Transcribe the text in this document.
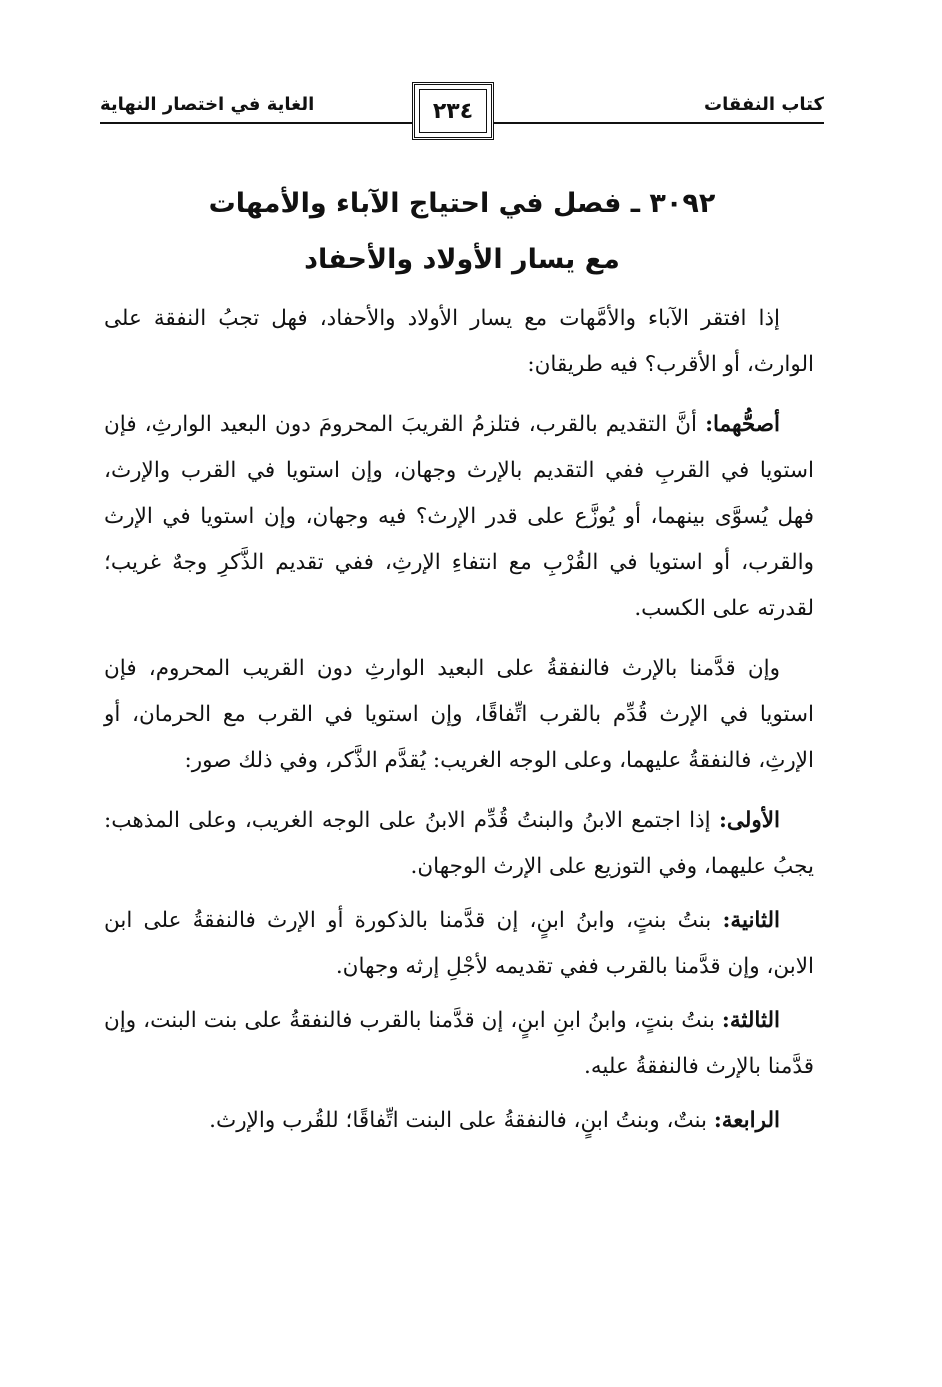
كتاب النفقات
الغاية في اختصار النهاية	٢٣٤
٣٠٩٢ ـ فصل في احتياج الآباء والأمهات
مع يسار الأولاد والأحفاد

إذا افتقر الآباء والأمَّهات مع يسار الأولاد والأحفاد، فهل تجبُ النفقة على الوارث، أو الأقرب؟ فيه طريقان:

أصحُّهما: أنَّ التقديم بالقرب، فتلزمُ القريبَ المحرومَ دون البعيد الوارثِ، فإن استويا في القربِ ففي التقديم بالإرث وجهان، وإن استويا في القرب والإرث، فهل يُسوَّى بينهما، أو يُوزَّع على قدر الإرث؟ فيه وجهان، وإن استويا في الإرث والقرب، أو استويا في القُرْبِ مع انتفاءِ الإرثِ، ففي تقديم الذَّكرِ وجهٌ غريب؛ لقدرته على الكسب.

وإن قدَّمنا بالإرث فالنفقةُ على البعيد الوارثِ دون القريب المحروم، فإن استويا في الإرث قُدِّم بالقرب اتِّفاقًا، وإن استويا في القرب مع الحرمان، أو الإرثِ، فالنفقةُ عليهما، وعلى الوجه الغريب: يُقدَّم الذَّكر، وفي ذلك صور:

الأولى: إذا اجتمع الابنُ والبنتُ قُدِّم الابنُ على الوجه الغريب، وعلى المذهب: يجبُ عليهما، وفي التوزيع على الإرث الوجهان.

الثانية: بنتُ بنتٍ، وابنُ ابنٍ، إن قدَّمنا بالذكورة أو الإرث فالنفقةُ على ابن الابن، وإن قدَّمنا بالقرب ففي تقديمه لأجْلِ إرثه وجهان.

الثالثة: بنتُ بنتٍ، وابنُ ابنِ ابنٍ، إن قدَّمنا بالقرب فالنفقةُ على بنت البنت، وإن قدَّمنا بالإرث فالنفقةُ عليه.

الرابعة: بنتٌ، وبنتُ ابنٍ، فالنفقةُ على البنت اتِّفاقًا؛ للقُرب والإرث.
